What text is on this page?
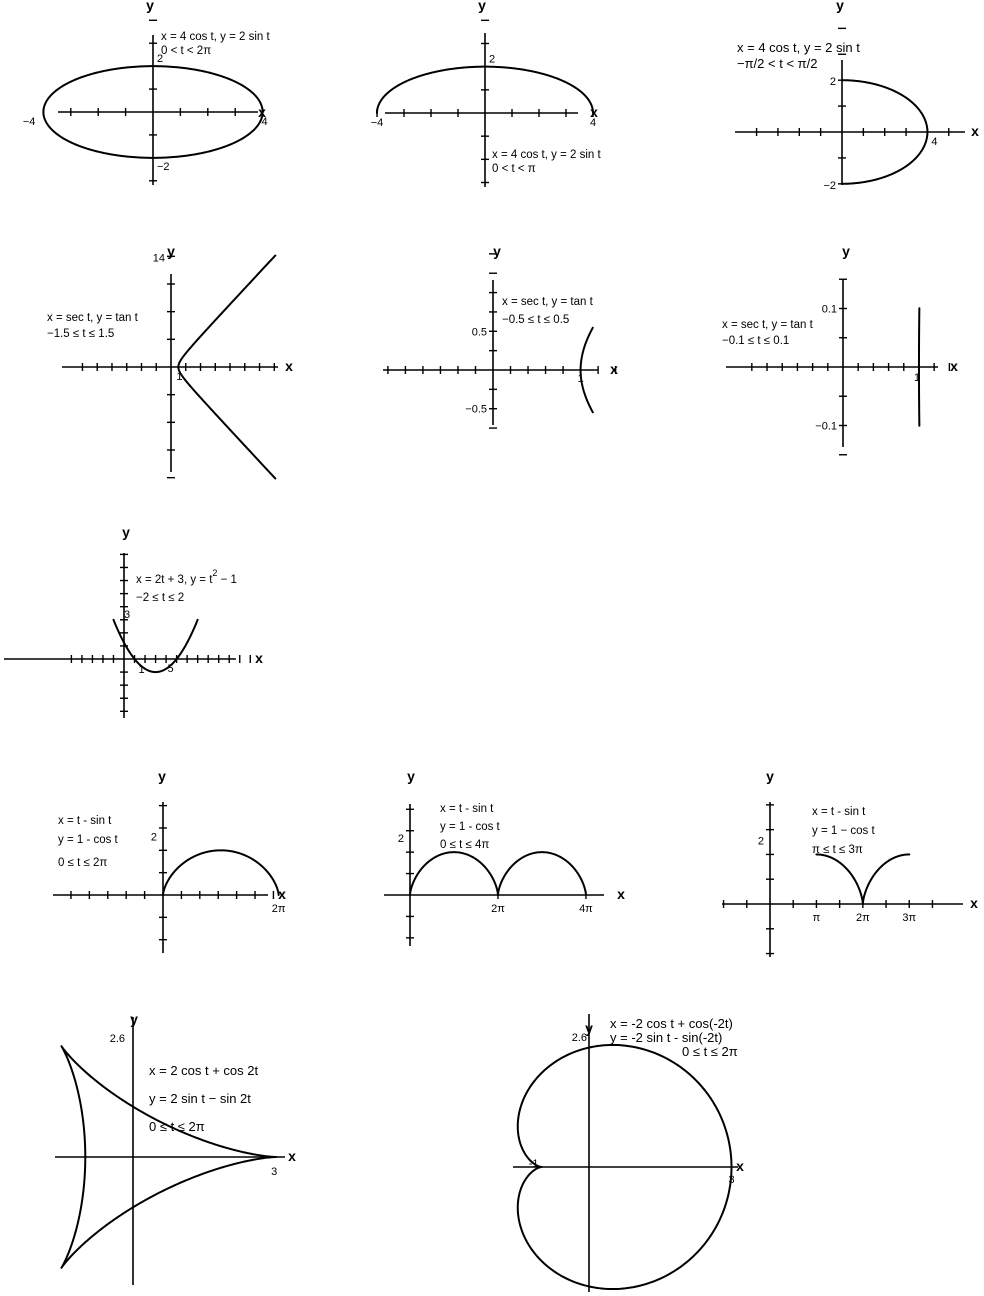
x
y
−4	4
2
−2
x = 4 cos t, y = 2 sin t
0 < t < 2π
x
y
−4	4
2
x = 4 cos t, y = 2 sin t
0 < t < π
x
y
4
2
−2
x = 4 cos t, y = 2 sin t
−π/2 < t < π/2
x
y
1
14
x = sec t, y = tan t
−1.5 ≤ t ≤ 1.5
x
y
1
0.5
−0.5
x = sec t, y = tan t
−0.5 ≤ t ≤ 0.5
x
y
1
0.1
−0.1
x = sec t, y = tan t
−0.1 ≤ t ≤ 0.1
x
y
1 5
3
x = 2t + 3, $y = t^2 - 1$
−2 ≤ t ≤ 2
x
y
2π
2
x = t - sin t
y = 1 - cos t
0 ≤ t ≤ 2π
x
y
2π	4π
2
x = t - sin t
y = 1 - cos t
0 ≤ t ≤ 4π
x
y
π	2π	3π
2
x = t - sin t
y = 1 − cos t
π ≤ t ≤ 3π
x
y
3
2.6
x = 2 cos t + cos 2t
y = 2 sin t − sin 2t
0 ≤ t ≤ 2π
x
y
-1
3
2.6
x = -2 cos t + cos(-2t)
y = -2 sin t - sin(-2t)
0 ≤ t ≤ 2π
